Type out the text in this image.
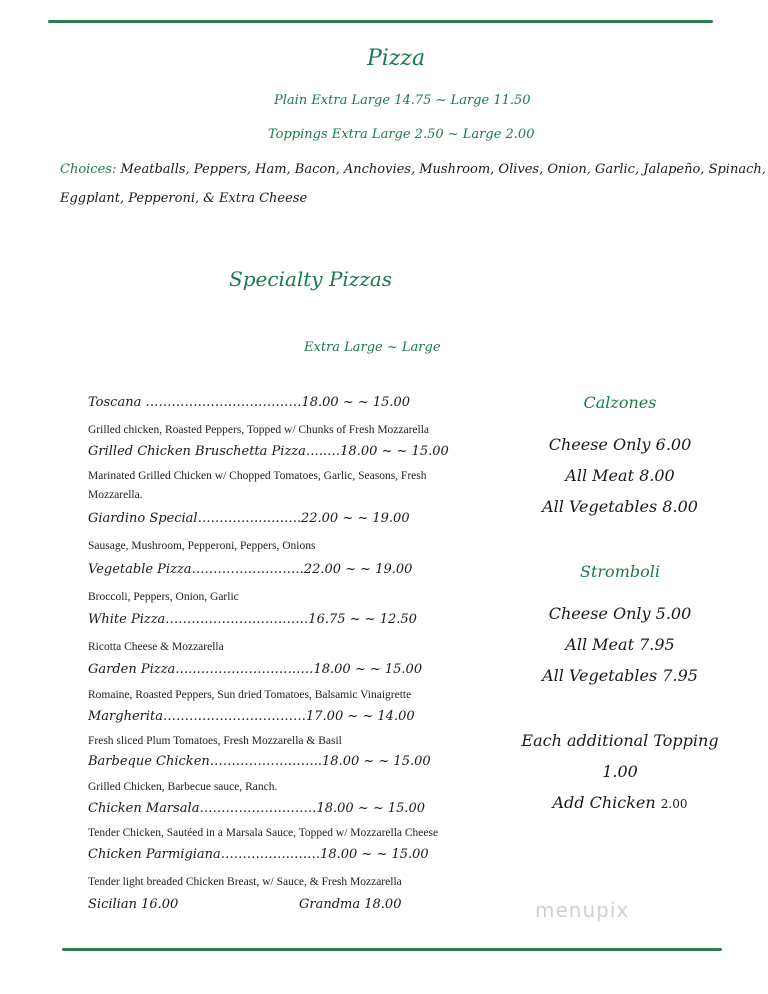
Pizza
Plain Extra Large 14.75 ~ Large 11.50
Toppings Extra Large 2.50 ~ Large 2.00
Choices: Meatballs, Peppers, Ham, Bacon, Anchovies, Mushroom, Olives, Onion, Garlic, Jalapeño, Spinach,
Eggplant, Pepperoni, & Extra Cheese
Specialty Pizzas
Extra Large ~ Large
Toscana ………………………………18.00 ~ ~ 15.00
Grilled chicken, Roasted Peppers, Topped w/ Chunks of Fresh Mozzarella
Grilled Chicken Bruschetta Pizza…..…18.00 ~ ~ 15.00
Marinated Grilled Chicken w/ Chopped Tomatoes, Garlic, Seasons, Fresh
Mozzarella.
Giardino Special…………….……..22.00 ~ ~ 19.00
Sausage, Mushroom, Pepperoni, Peppers, Onions
Vegetable Pizza……………….…….22.00 ~ ~ 19.00
Broccoli, Peppers, Onion, Garlic
White Pizza……………………………16.75 ~ ~ 12.50
Ricotta Cheese & Mozzarella
Garden Pizza…..………………………18.00 ~ ~ 15.00
Romaine, Roasted Peppers, Sun dried Tomatoes, Balsamic Vinaigrette
Margherita……………………………17.00 ~ ~ 14.00
Fresh sliced Plum Tomatoes, Fresh Mozzarella & Basil
Barbeque Chicken……………………..18.00 ~ ~ 15.00
Grilled Chicken, Barbecue sauce, Ranch.
Chicken Marsala………………………18.00 ~ ~ 15.00
Tender Chicken, Sautéed in a Marsala Sauce, Topped w/ Mozzarella Cheese
Chicken Parmigiana……………..……18.00 ~ ~ 15.00
Tender light breaded Chicken Breast, w/ Sauce, & Fresh Mozzarella
Sicilian 16.00	Grandma 18.00
Calzones
Cheese Only 6.00
All Meat 8.00
All Vegetables 8.00
Stromboli
Cheese Only 5.00
All Meat 7.95
All Vegetables 7.95
Each additional Topping
1.00
Add Chicken 2.00
menupix
